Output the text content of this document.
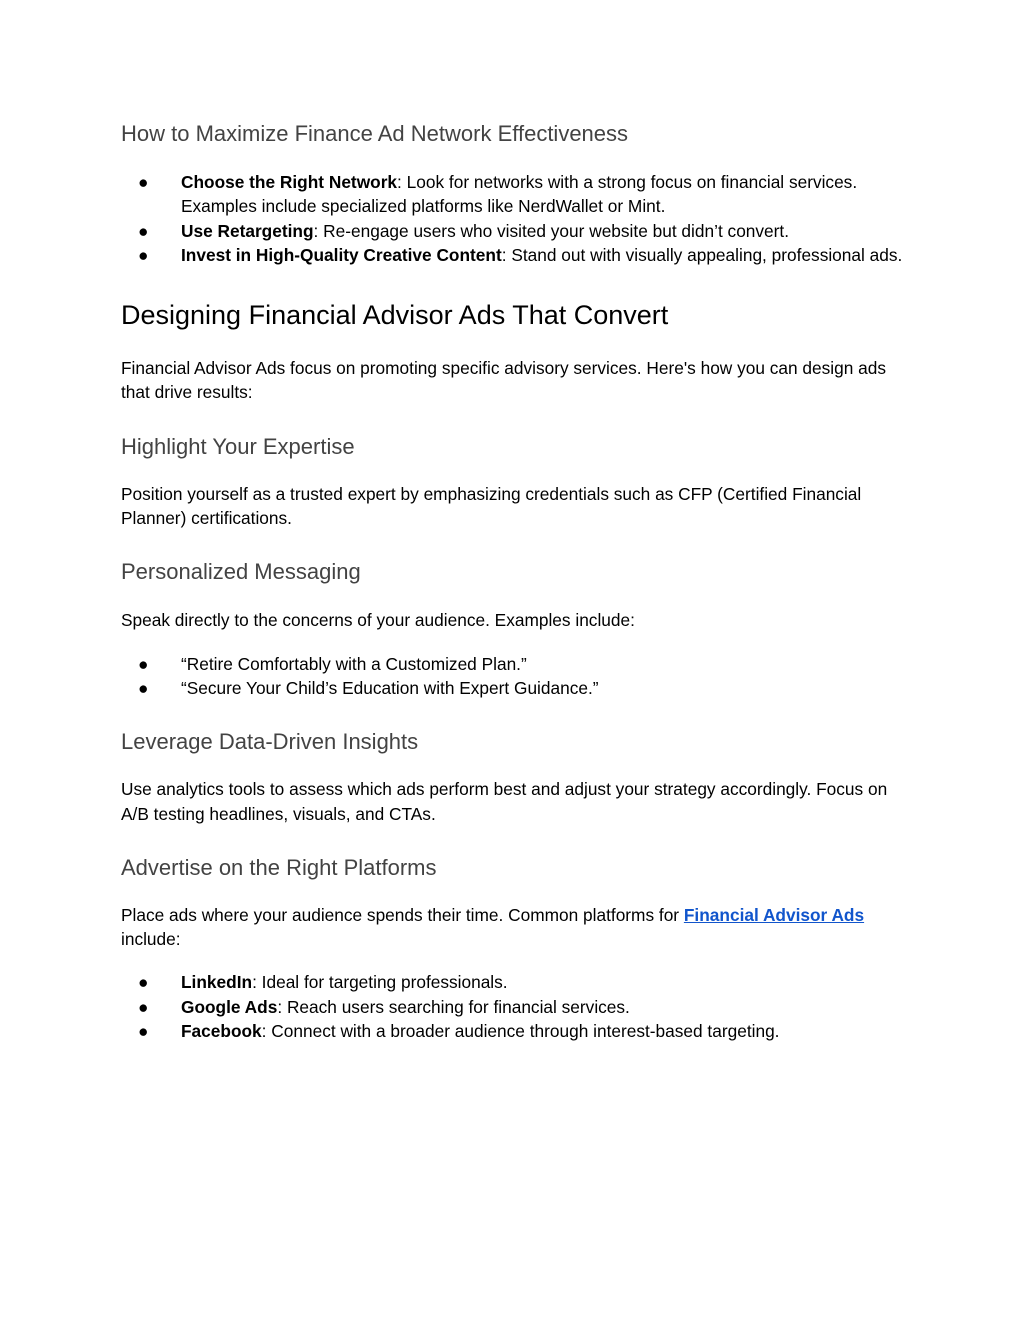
How to Maximize Finance Ad Network Effectiveness
● Choose the Right Network: Look for networks with a strong focus on financial services. Examples include specialized platforms like NerdWallet or Mint.
● Use Retargeting: Re-engage users who visited your website but didn’t convert.
● Invest in High-Quality Creative Content: Stand out with visually appealing, professional ads.
Designing Financial Advisor Ads That Convert

Financial Advisor Ads focus on promoting specific advisory services. Here's how you can design ads that drive results:

Highlight Your Expertise

Position yourself as a trusted expert by emphasizing credentials such as CFP (Certified Financial Planner) certifications.

Personalized Messaging

Speak directly to the concerns of your audience. Examples include:

● “Retire Comfortably with a Customized Plan.”
● “Secure Your Child’s Education with Expert Guidance.”
Leverage Data-Driven Insights

Use analytics tools to assess which ads perform best and adjust your strategy accordingly. Focus on A/B testing headlines, visuals, and CTAs.

Advertise on the Right Platforms

Place ads where your audience spends their time. Common platforms for Financial Advisor Ads include:

● LinkedIn: Ideal for targeting professionals.
● Google Ads: Reach users searching for financial services.
● Facebook: Connect with a broader audience through interest-based targeting.
